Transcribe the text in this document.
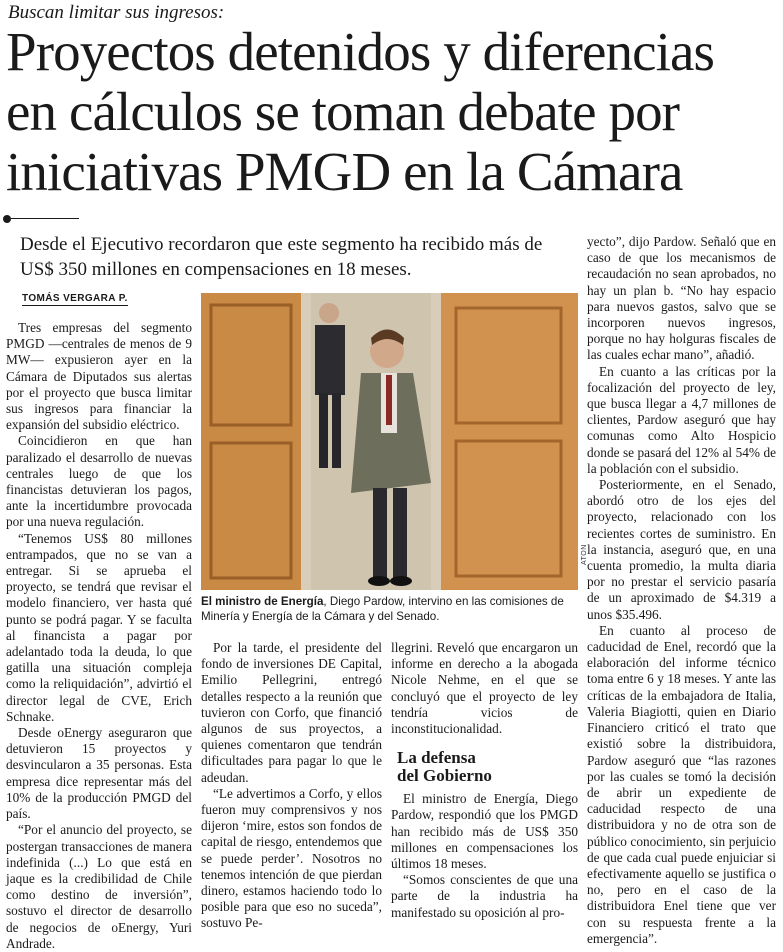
Buscan limitar sus ingresos:
Proyectos detenidos y diferencias
en cálculos se toman debate por
iniciativas PMGD en la Cámara
Desde el Ejecutivo recordaron que este segmento ha recibido más de US$ 350 millones en compensaciones en 18 meses.
TOMÁS VERGARA P.

Tres empresas del segmento PMGD —centrales de menos de 9 MW— expusieron ayer en la Cámara de Diputados sus alertas por el proyecto que busca limitar sus ingresos para financiar la expansión del subsidio eléctrico.

Coincidieron en que han paralizado el desarrollo de nuevas centrales luego de que los financistas detuvieran los pagos, ante la incertidumbre provocada por una nueva regulación.

“Tenemos US$ 80 millones entrampados, que no se van a entregar. Si se aprueba el proyecto, se tendrá que revisar el modelo financiero, ver hasta qué punto se podrá pagar. Y se faculta al financista a pagar por adelantado toda la deuda, lo que gatilla una situación compleja como la reliquidación”, advirtió el director legal de CVE, Erich Schnake.

Desde oEnergy aseguraron que detuvieron 15 proyectos y desvincularon a 35 personas. Esta empresa dice representar más del 10% de la producción PMGD del país.

“Por el anuncio del proyecto, se postergan transacciones de manera indefinida (...) Lo que está en jaque es la credibilidad de Chile como destino de inversión”, sostuvo el director de desarrollo de negocios de oEnergy, Yuri Andrade.

ATON
El ministro de Energía, Diego Pardow, intervino en las comisiones de Minería y Energía de la Cámara y del Senado.

Por la tarde, el presidente del fondo de inversiones DE Capital, Emilio Pellegrini, entregó detalles respecto a la reunión que tuvieron con Corfo, que financió algunos de sus proyectos, a quienes comentaron que tendrán dificultades para pagar lo que le adeudan.

“Le advertimos a Corfo, y ellos fueron muy comprensivos y nos dijeron ‘mire, estos son fondos de capital de riesgo, entendemos que se puede perder’. Nosotros no tenemos intención de que pierdan dinero, estamos haciendo todo lo posible para que eso no suceda”, sostuvo Pe-

llegrini. Reveló que encargaron un informe en derecho a la abogada Nicole Nehme, en el que se concluyó que el proyecto de ley tendría vicios de inconstitucionalidad.

La defensa
del Gobierno

El ministro de Energía, Diego Pardow, respondió que los PMGD han recibido más de US$ 350 millones en compensaciones los últimos 18 meses.

“Somos conscientes de que una parte de la industria ha manifestado su oposición al pro-

yecto”, dijo Pardow. Señaló que en caso de que los mecanismos de recaudación no sean aprobados, no hay un plan b. “No hay espacio para nuevos gastos, salvo que se incorporen nuevos ingresos, porque no hay holguras fiscales de las cuales echar mano”, añadió.

En cuanto a las críticas por la focalización del proyecto de ley, que busca llegar a 4,7 millones de clientes, Pardow aseguró que hay comunas como Alto Hospicio donde se pasará del 12% al 54% de la población con el subsidio.

Posteriormente, en el Senado, abordó otro de los ejes del proyecto, relacionado con los recientes cortes de suministro. En la instancia, aseguró que, en una cuenta promedio, la multa diaria por no prestar el servicio pasaría de un aproximado de $4.319 a unos $35.496.

En cuanto al proceso de caducidad de Enel, recordó que la elaboración del informe técnico toma entre 6 y 18 meses. Y ante las críticas de la embajadora de Italia, Valeria Biagiotti, quien en Diario Financiero criticó el trato que existió sobre la distribuidora, Pardow aseguró que “las razones por las cuales se tomó la decisión de abrir un expediente de caducidad respecto de una distribuidora y no de otra son de público conocimiento, sin perjuicio de que cada cual puede enjuiciar si efectivamente aquello se justifica o no, pero en el caso de la distribuidora Enel tiene que ver con su respuesta frente a la emergencia”.
